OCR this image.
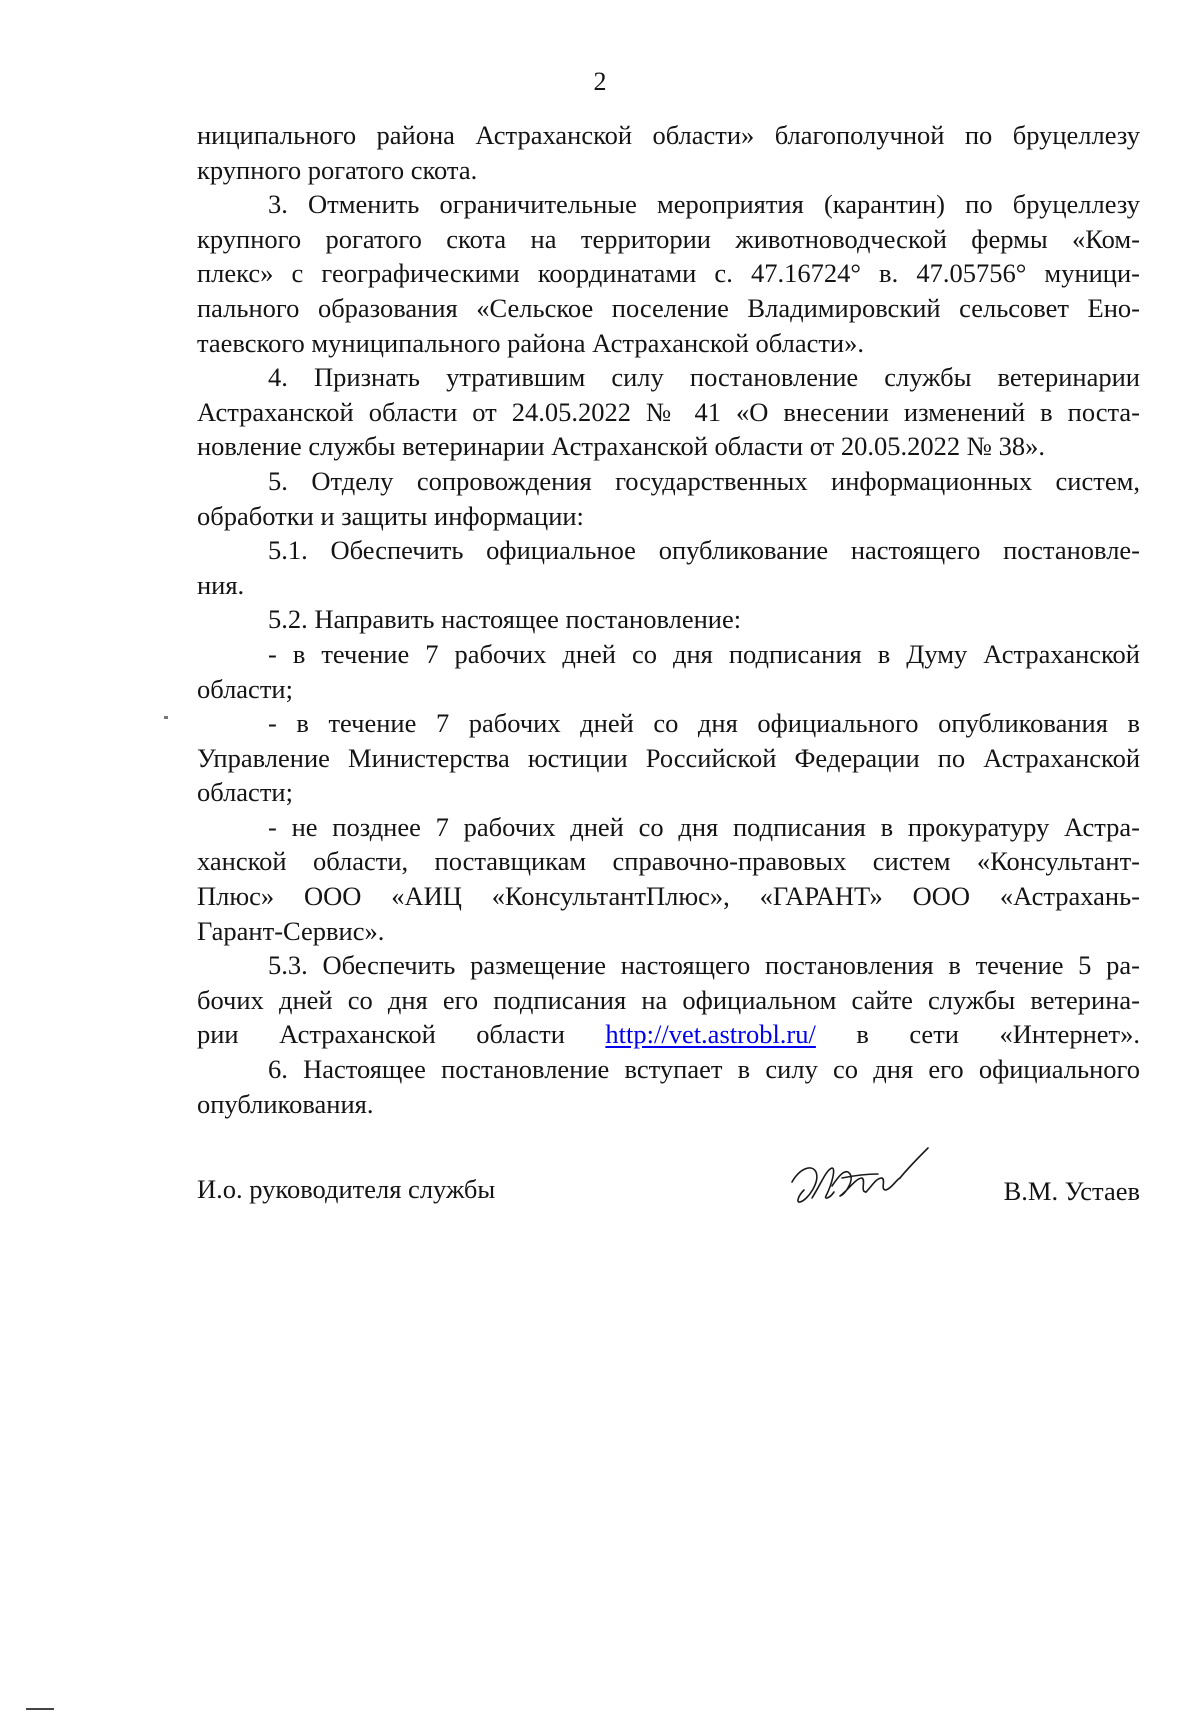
2
ниципального района Астраханской области» благополучной по бруцеллезу
крупного рогатого скота.
3. Отменить ограничительные мероприятия (карантин) по бруцеллезу
крупного рогатого скота на территории животноводческой фермы «Ком-
плекс» с географическими координатами с. 47.16724° в. 47.05756° муници-
пального образования «Сельское поселение Владимировский сельсовет Ено-
таевского муниципального района Астраханской области».
4. Признать утратившим силу постановление службы ветеринарии
Астраханской области от 24.05.2022 № 41 «О внесении изменений в поста-
новление службы ветеринарии Астраханской области от 20.05.2022 № 38».
5. Отделу сопровождения государственных информационных систем,
обработки и защиты информации:
5.1. Обеспечить официальное опубликование настоящего постановле-
ния.
5.2. Направить настоящее постановление:
- в течение 7 рабочих дней со дня подписания в Думу Астраханской
области;
- в течение 7 рабочих дней со дня официального опубликования в
Управление Министерства юстиции Российской Федерации по Астраханской
области;
- не позднее 7 рабочих дней со дня подписания в прокуратуру Астра-
ханской области, поставщикам справочно-правовых систем «Консультант-
Плюс» ООО «АИЦ «КонсультантПлюс», «ГАРАНТ» ООО «Астрахань-
Гарант-Сервис».
5.3. Обеспечить размещение настоящего постановления в течение 5 ра-
бочих дней со дня его подписания на официальном сайте службы ветерина-
рии Астраханской области http://vet.astrobl.ru/ в сети «Интернет».
6. Настоящее постановление вступает в силу со дня его официального
опубликования.
И.о. руководителя службы	В.М. Устаев
